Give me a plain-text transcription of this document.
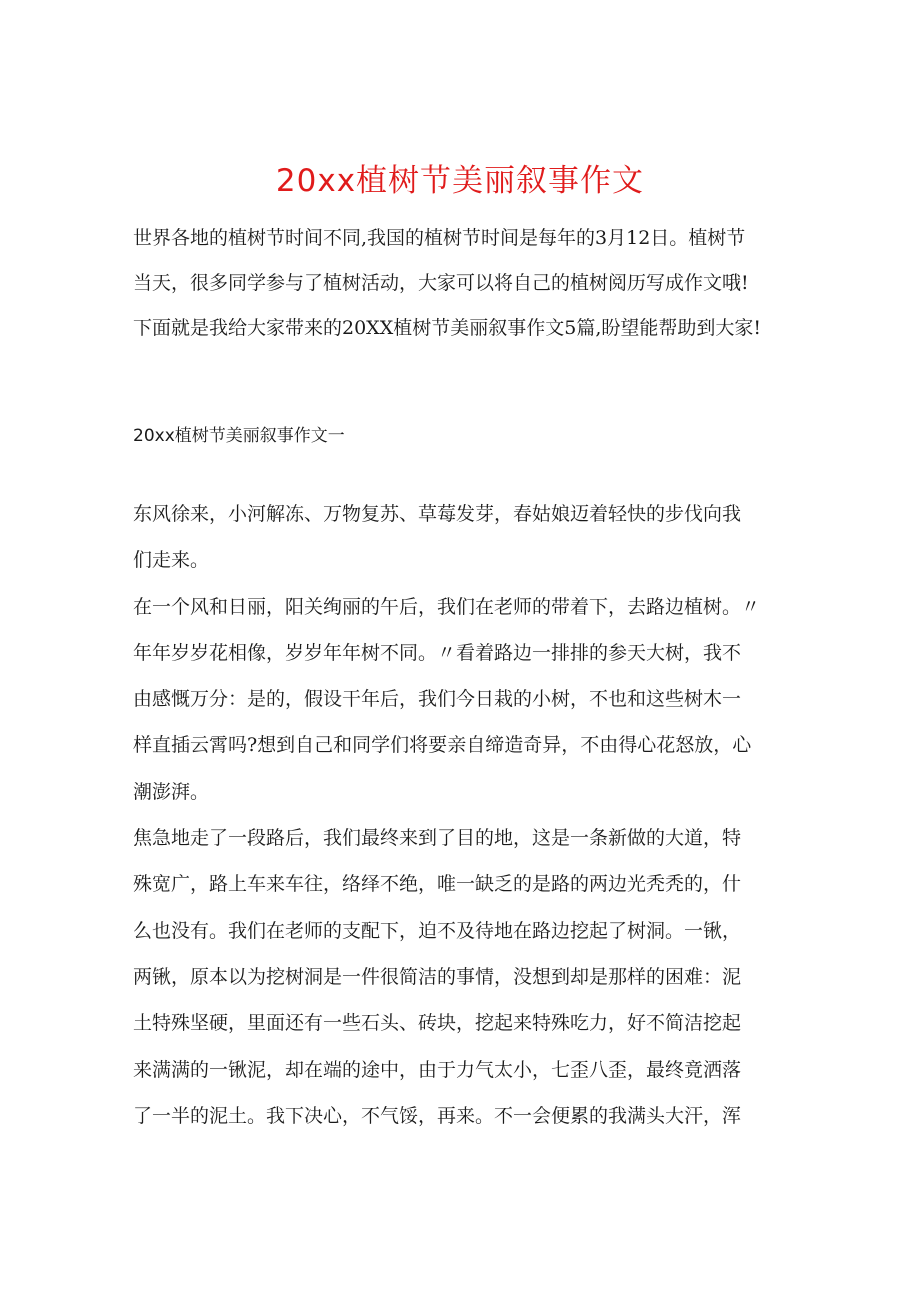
20xx植树节美丽叙事作文
世界各地的植树节时间不同,我国的植树节时间是每年的3月12日。植树节
当天，很多同学参与了植树活动，大家可以将自己的植树阅历写成作文哦!
下面就是我给大家带来的20XX植树节美丽叙事作文5篇,盼望能帮助到大家!
20xx植树节美丽叙事作文一
东风徐来，小河解冻、万物复苏、草莓发芽，春姑娘迈着轻快的步伐向我
们走来。
在一个风和日丽，阳关绚丽的午后，我们在老师的带着下，去路边植树。〃
年年岁岁花相像，岁岁年年树不同。〃看着路边一排排的参天大树，我不
由感慨万分：是的，假设干年后，我们今日栽的小树，不也和这些树木一
样直插云霄吗?想到自己和同学们将要亲自缔造奇异，不由得心花怒放，心
潮澎湃。
焦急地走了一段路后，我们最终来到了目的地，这是一条新做的大道，特
殊宽广，路上车来车往，络绎不绝，唯一缺乏的是路的两边光秃秃的，什
么也没有。我们在老师的支配下，迫不及待地在路边挖起了树洞。一锹，
两锹，原本以为挖树洞是一件很简洁的事情，没想到却是那样的困难：泥
土特殊坚硬，里面还有一些石头、砖块，挖起来特殊吃力，好不简洁挖起
来满满的一锹泥，却在端的途中，由于力气太小，七歪八歪，最终竟洒落
了一半的泥土。我下决心，不气馁，再来。不一会便累的我满头大汗，浑
